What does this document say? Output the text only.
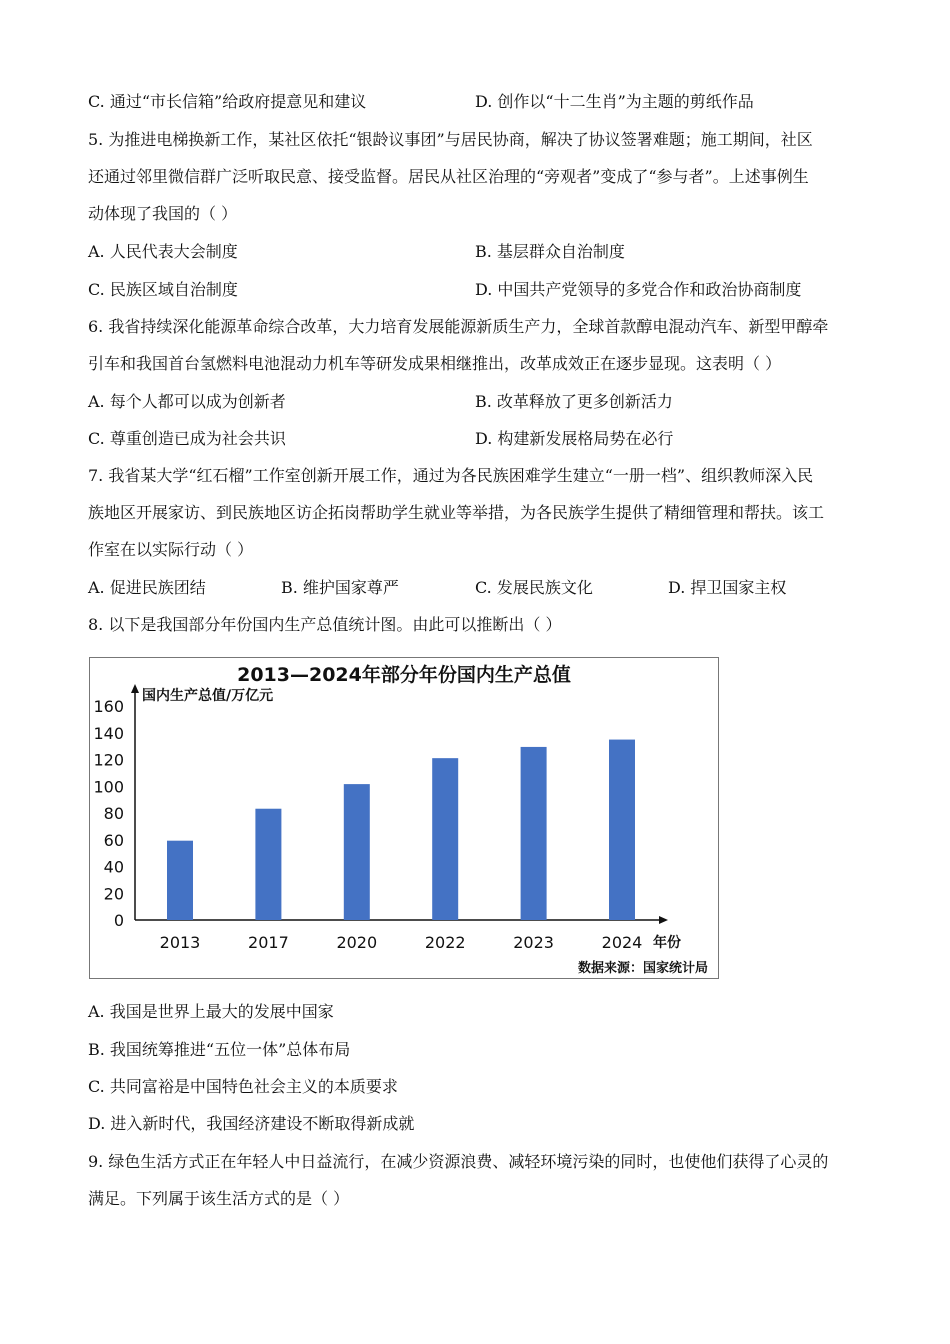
C. 通过“市长信箱”给政府提意见和建议	D. 创作以“十二生肖”为主题的剪纸作品
5. 为推进电梯换新工作，某社区依托“银龄议事团”与居民协商，解决了协议签署难题；施工期间，社区
还通过邻里微信群广泛听取民意、接受监督。居民从社区治理的“旁观者”变成了“参与者”。上述事例生
动体现了我国的（ ）
A. 人民代表大会制度	B. 基层群众自治制度
C. 民族区域自治制度	D. 中国共产党领导的多党合作和政治协商制度
6. 我省持续深化能源革命综合改革，大力培育发展能源新质生产力，全球首款醇电混动汽车、新型甲醇牵
引车和我国首台氢燃料电池混动力机车等研发成果相继推出，改革成效正在逐步显现。这表明（ ）
A. 每个人都可以成为创新者	B. 改革释放了更多创新活力
C. 尊重创造已成为社会共识	D. 构建新发展格局势在必行
7. 我省某大学“红石榴”工作室创新开展工作，通过为各民族困难学生建立“一册一档”、组织教师深入民
族地区开展家访、到民族地区访企拓岗帮助学生就业等举措，为各民族学生提供了精细管理和帮扶。该工
作室在以实际行动（ ）
A. 促进民族团结	B. 维护国家尊严	C. 发展民族文化	D. 捍卫国家主权
8. 以下是我国部分年份国内生产总值统计图。由此可以推断出（ ）
2013—2024年部分年份国内生产总值
国内生产总值/万亿元
年份
数据来源：国家统计局
0
20
40
60
80
100
120
140
160
2013	2017	2020	2022	2023	2024
A. 我国是世界上最大的发展中国家
B. 我国统筹推进“五位一体”总体布局
C. 共同富裕是中国特色社会主义的本质要求
D. 进入新时代，我国经济建设不断取得新成就
9. 绿色生活方式正在年轻人中日益流行，在减少资源浪费、减轻环境污染的同时，也使他们获得了心灵的
满足。下列属于该生活方式的是（ ）
